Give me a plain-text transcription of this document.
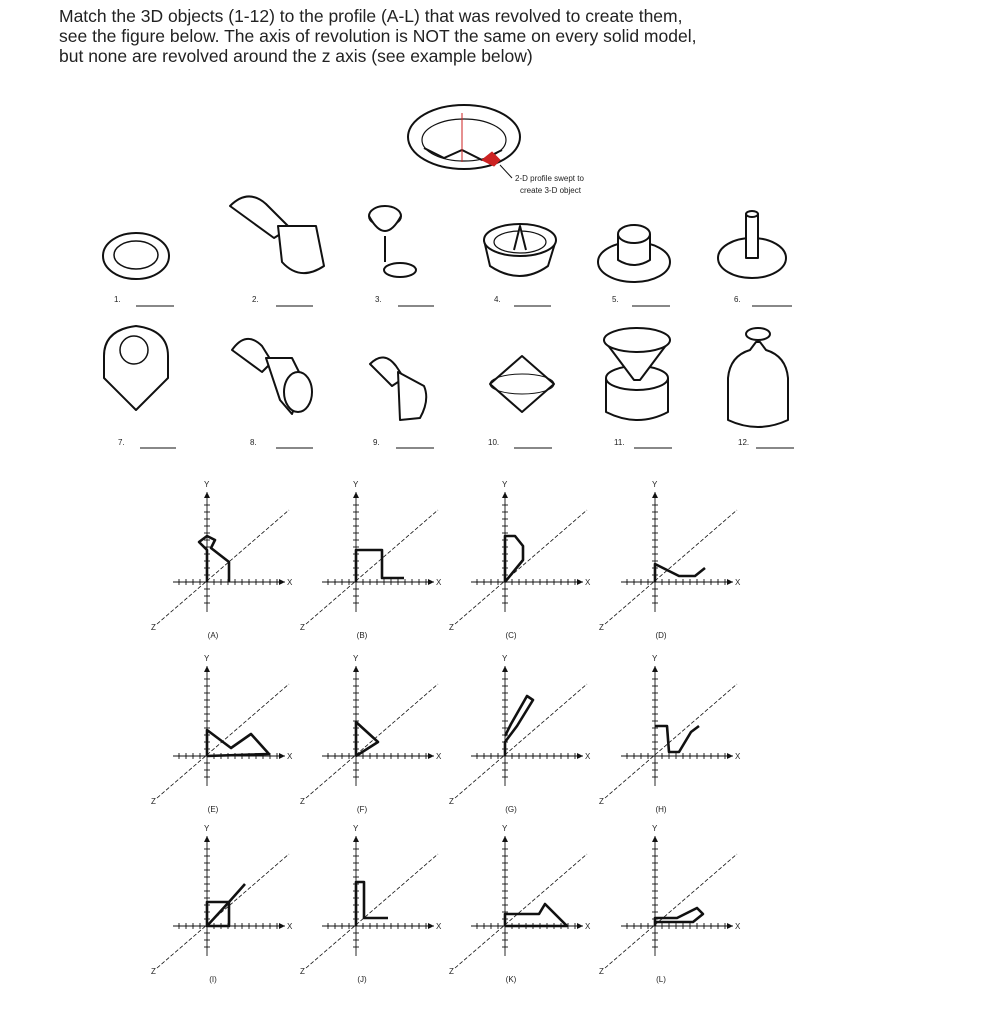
Match the 3D objects (1-12) to the profile (A-L) that was revolved to create them,
see the figure below. The axis of revolution is NOT the same on every solid model,
but none are revolved around the z axis (see example below)
2-D profile swept to
create 3-D object
1.	2.	3.	4.	5.	6.
7.	8.	9.	10.	11.	12.
X
Y
Z
(A)
X
Y
Z
(B)
X
Y
Z
(C)
X
Y
Z
(D)
X
Y
Z
(E)
X
Y
Z
(F)
X
Y
Z
(G)
X
Y
Z
(H)
X
Y
Z
(I)
X
Y
Z
(J)
X
Y
Z
(K)
X
Y
Z
(L)
